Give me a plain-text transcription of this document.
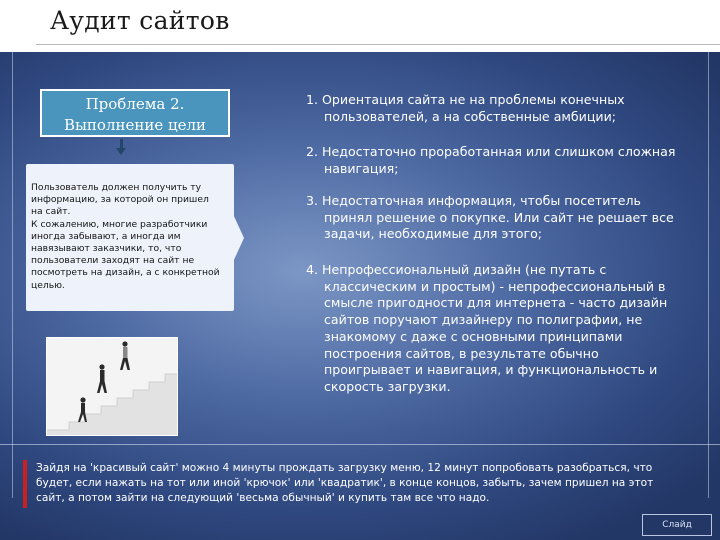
Аудит сайтов
Проблема 2.
Выполнение цели
Пользователь должен получить ту
информацию, за которой он пришел
на сайт.
К сожалению, многие разработчики
иногда забывают, а иногда им
навязывают заказчики, то, что
пользователи заходят на сайт не
посмотреть на дизайн, а с конкретной
целью.
1. Ориентация сайта не на проблемы конечных
пользователей, а на собственные амбиции;
2. Недостаточно проработанная или слишком сложная
навигация;
3. Недостаточная информация, чтобы посетитель
принял решение о покупке. Или сайт не решает все
задачи, необходимые для этого;
4. Непрофессиональный дизайн (не путать с
классическим и простым) - непрофессиональный в
смысле пригодности для интернета - часто дизайн
сайтов поручают дизайнеру по полиграфии, не
знакомому с даже с основными принципами
построения сайтов, в результате обычно
проигрывает и навигация, и функциональность и
скорость загрузки.
Зайдя на 'красивый сайт' можно 4 минуты прождать загрузку меню, 12 минут попробовать разобраться, что
будет, если нажать на тот или иной 'крючок' или 'квадратик', в конце концов, забыть, зачем пришел на этот
сайт, а потом зайти на следующий 'весьма обычный' и купить там все что надо.
Слайд
